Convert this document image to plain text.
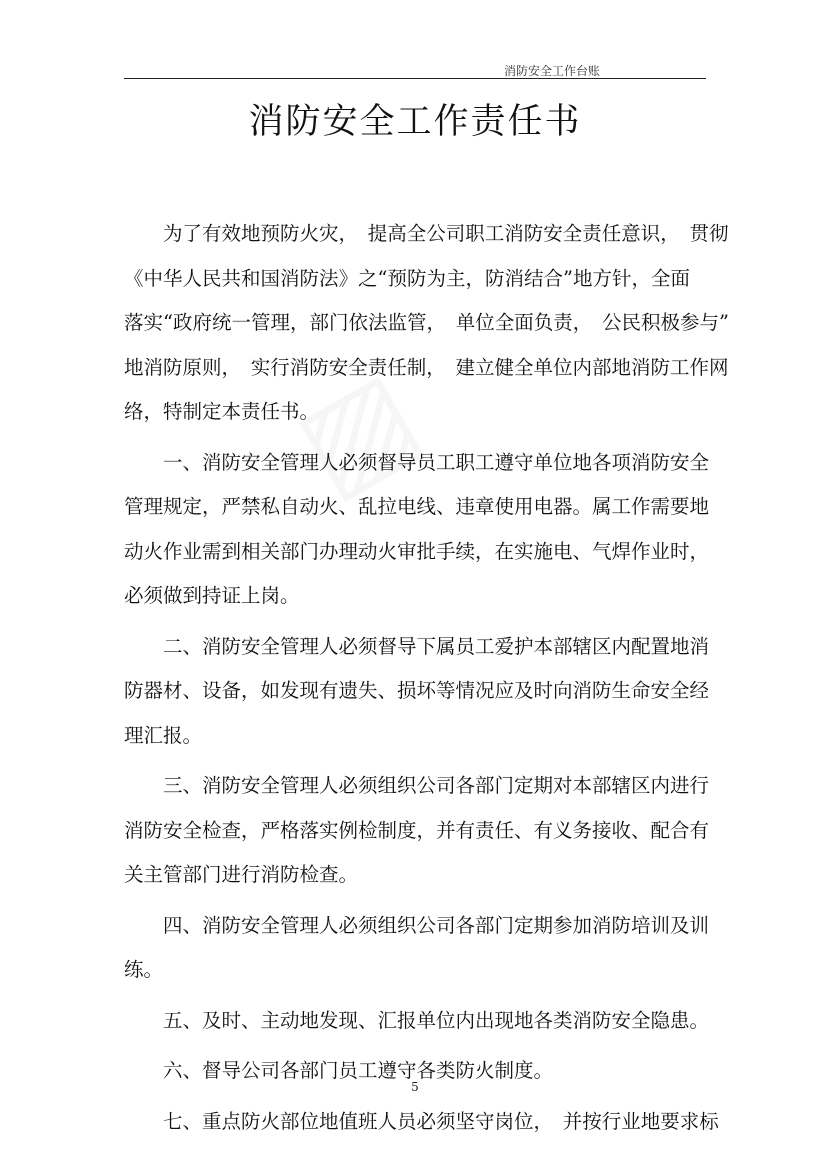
▨
消防安全工作台账
消防安全工作责任书
　　为了有效地预防火灾，　提高全公司职工消防安全责任意识，　贯彻
《中华人民共和国消防法》之“预防为主，防消结合”地方针，全面
落实“政府统一管理，部门依法监管，　单位全面负责，　公民积极参与”
地消防原则，　实行消防安全责任制，　建立健全单位内部地消防工作网
络，特制定本责任书。
　　一、消防安全管理人必须督导员工职工遵守单位地各项消防安全
管理规定，严禁私自动火、乱拉电线、违章使用电器。属工作需要地
动火作业需到相关部门办理动火审批手续，在实施电、气焊作业时，
必须做到持证上岗。
　　二、消防安全管理人必须督导下属员工爱护本部辖区内配置地消
防器材、设备，如发现有遗失、损坏等情况应及时向消防生命安全经
理汇报。
　　三、消防安全管理人必须组织公司各部门定期对本部辖区内进行
消防安全检查，严格落实例检制度，并有责任、有义务接收、配合有
关主管部门进行消防检查。
　　四、消防安全管理人必须组织公司各部门定期参加消防培训及训
练。
　　五、及时、主动地发现、汇报单位内出现地各类消防安全隐患。
　　六、督导公司各部门员工遵守各类防火制度。
　　七、重点防火部位地值班人员必须坚守岗位，　并按行业地要求标
5
